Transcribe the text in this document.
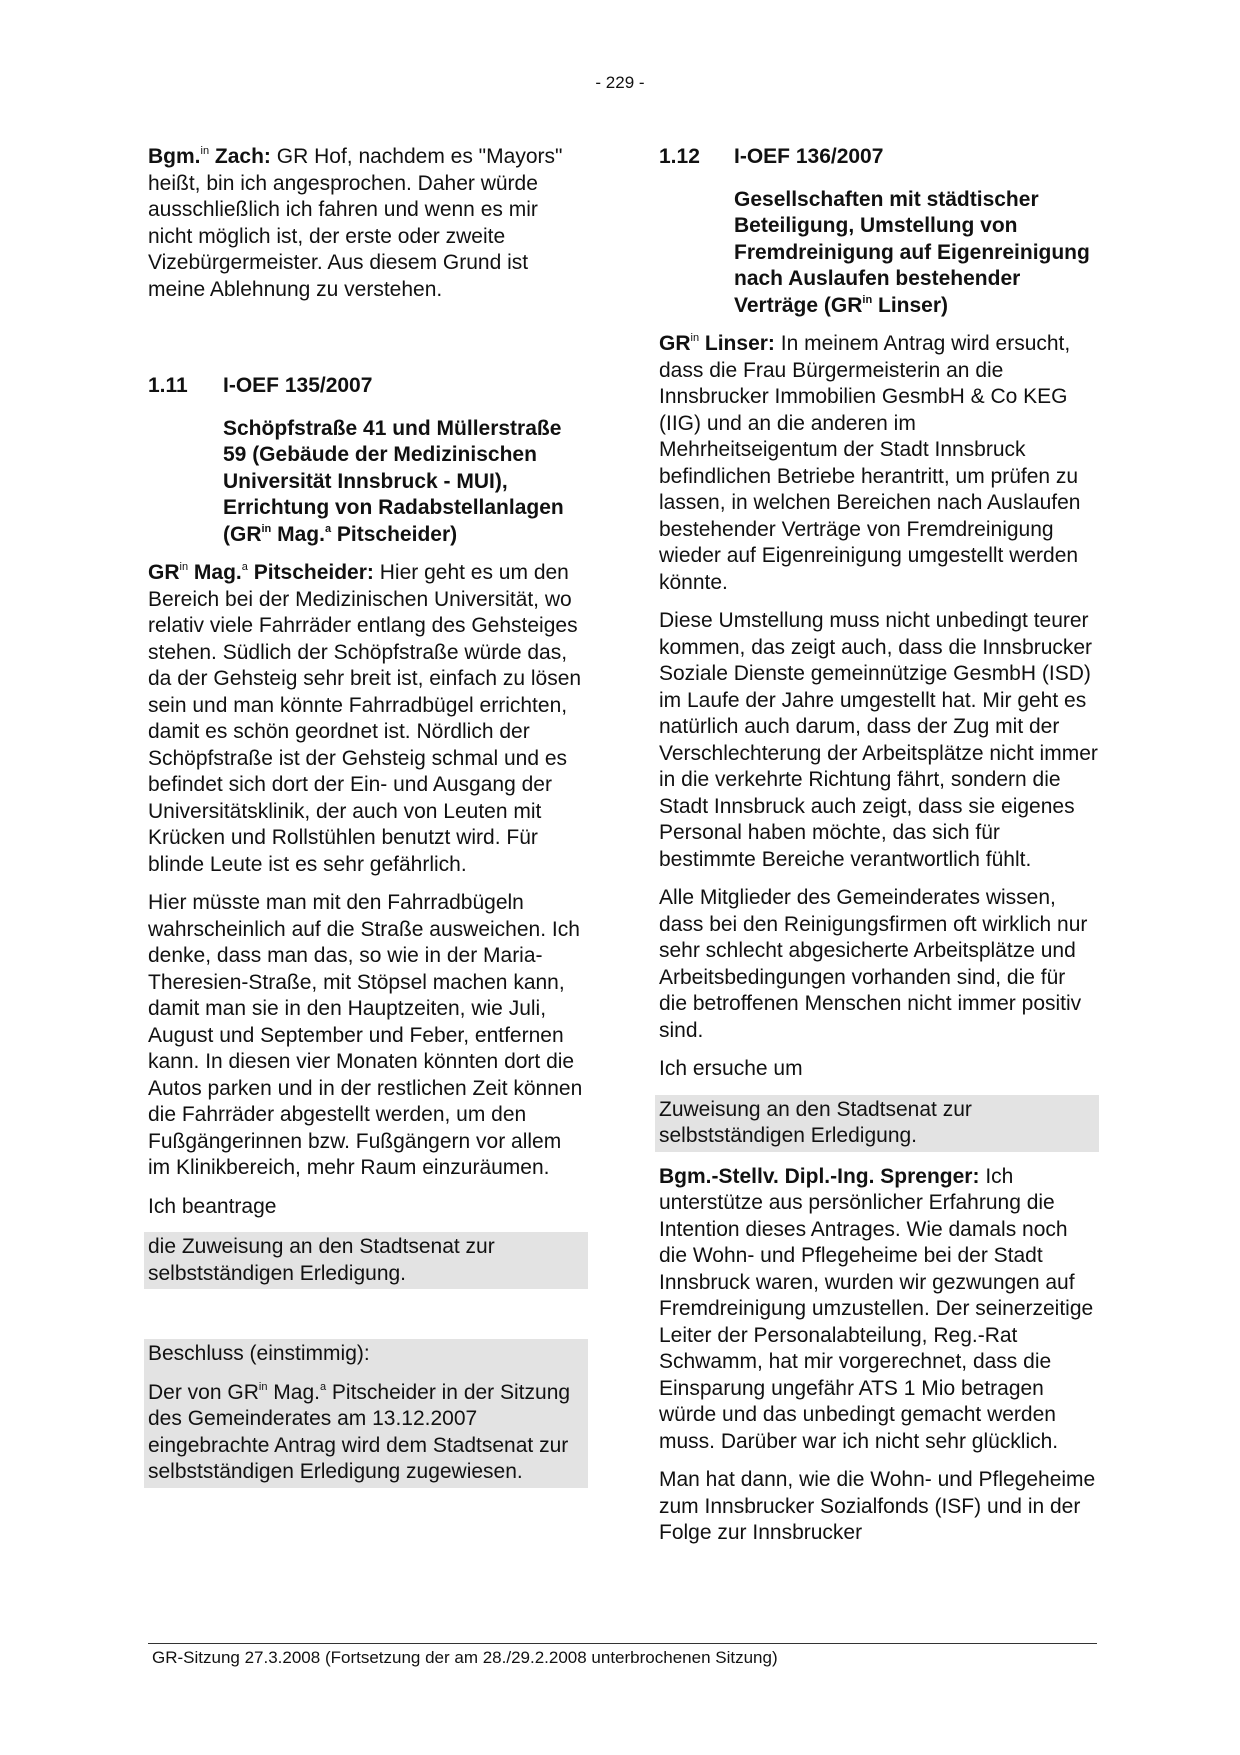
- 229 -

Bgm.$^{in}$ Zach: GR Hof, nachdem es "Mayors" heißt, bin ich angesprochen. Daher würde ausschließlich ich fahren und wenn es mir nicht möglich ist, der erste oder zweite Vizebürgermeister. Aus diesem Grund ist meine Ablehnung zu verstehen.

1.11	I-OEF 135/2007
Schöpfstraße 41 und Müllerstraße 59 (Gebäude der Medizinischen Universität Innsbruck - MUI), Errichtung von Radabstellanlagen ($GR^{in}$ Mag.$^a$ Pitscheider)

$GR^{in}$ Mag.$^a$ Pitscheider: Hier geht es um den Bereich bei der Medizinischen Universität, wo relativ viele Fahrräder entlang des Gehsteiges stehen. Südlich der Schöpfstraße würde das, da der Gehsteig sehr breit ist, einfach zu lösen sein und man könnte Fahrradbügel errichten, damit es schön geordnet ist. Nördlich der Schöpfstraße ist der Gehsteig schmal und es befindet sich dort der Ein- und Ausgang der Universitätsklinik, der auch von Leuten mit Krücken und Rollstühlen benutzt wird. Für blinde Leute ist es sehr gefährlich.

Hier müsste man mit den Fahrradbügeln wahrscheinlich auf die Straße ausweichen. Ich denke, dass man das, so wie in der Maria-Theresien-Straße, mit Stöpsel machen kann, damit man sie in den Hauptzeiten, wie Juli, August und September und Feber, entfernen kann. In diesen vier Monaten könnten dort die Autos parken und in der restlichen Zeit können die Fahrräder abgestellt werden, um den Fußgängerinnen bzw. Fußgängern vor allem im Klinikbereich, mehr Raum einzuräumen.

Ich beantrage

die Zuweisung an den Stadtsenat zur selbstständigen Erledigung.

Beschluss (einstimmig):

Der von $GR^{in}$ Mag.$^a$ Pitscheider in der Sitzung des Gemeinderates am 13.12.2007 eingebrachte Antrag wird dem Stadtsenat zur selbstständigen Erledigung zugewiesen.
1.12	I-OEF 136/2007
Gesellschaften mit städtischer Beteiligung, Umstellung von Fremdreinigung auf Eigenreinigung nach Auslaufen bestehender Verträge ($GR^{in}$ Linser)

$GR^{in}$ Linser: In meinem Antrag wird ersucht, dass die Frau Bürgermeisterin an die Innsbrucker Immobilien GesmbH & Co KEG (IIG) und an die anderen im Mehrheitseigentum der Stadt Innsbruck befindlichen Betriebe herantritt, um prüfen zu lassen, in welchen Bereichen nach Auslaufen bestehender Verträge von Fremdreinigung wieder auf Eigenreinigung umgestellt werden könnte.

Diese Umstellung muss nicht unbedingt teurer kommen, das zeigt auch, dass die Innsbrucker Soziale Dienste gemeinnützige GesmbH (ISD) im Laufe der Jahre umgestellt hat. Mir geht es natürlich auch darum, dass der Zug mit der Verschlechterung der Arbeitsplätze nicht immer in die verkehrte Richtung fährt, sondern die Stadt Innsbruck auch zeigt, dass sie eigenes Personal haben möchte, das sich für bestimmte Bereiche verantwortlich fühlt.

Alle Mitglieder des Gemeinderates wissen, dass bei den Reinigungsfirmen oft wirklich nur sehr schlecht abgesicherte Arbeitsplätze und Arbeitsbedingungen vorhanden sind, die für die betroffenen Menschen nicht immer positiv sind.

Ich ersuche um

Zuweisung an den Stadtsenat zur selbstständigen Erledigung.

Bgm.-Stellv. Dipl.-Ing. Sprenger: Ich unterstütze aus persönlicher Erfahrung die Intention dieses Antrages. Wie damals noch die Wohn- und Pflegeheime bei der Stadt Innsbruck waren, wurden wir gezwungen auf Fremdreinigung umzustellen. Der seinerzeitige Leiter der Personalabteilung, Reg.-Rat Schwamm, hat mir vorgerechnet, dass die Einsparung ungefähr ATS 1 Mio betragen würde und das unbedingt gemacht werden muss. Darüber war ich nicht sehr glücklich.

Man hat dann, wie die Wohn- und Pflegeheime zum Innsbrucker Sozialfonds (ISF) und in der Folge zur Innsbrucker

GR-Sitzung 27.3.2008 (Fortsetzung der am 28./29.2.2008 unterbrochenen Sitzung)
